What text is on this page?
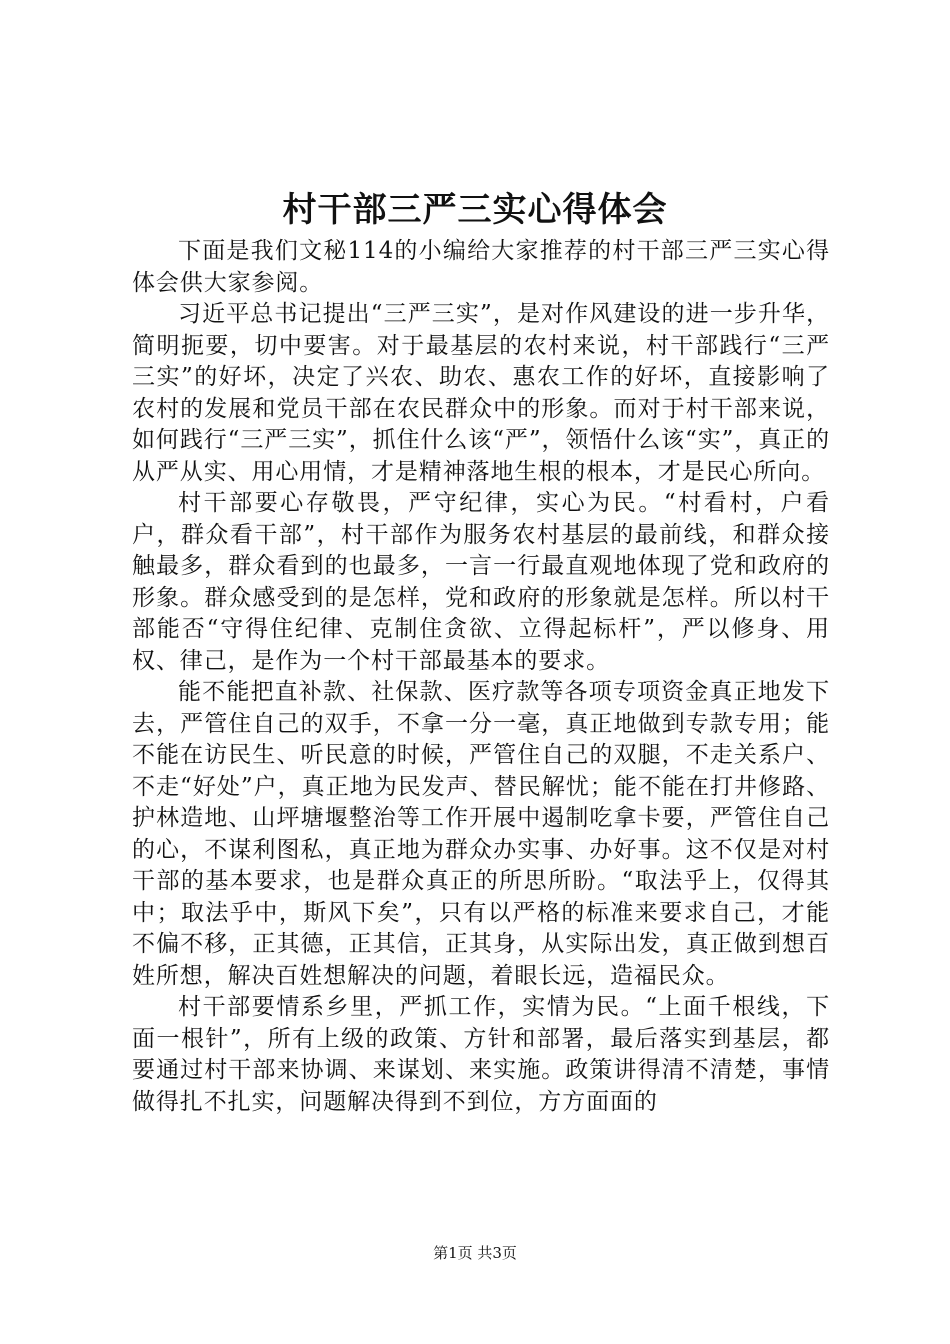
村干部三严三实心得体会

下面是我们文秘114的小编给大家推荐的村干部三严三实心得体会供大家参阅。

习近平总书记提出“三严三实”，是对作风建设的进一步升华，简明扼要，切中要害。对于最基层的农村来说，村干部践行“三严三实”的好坏，决定了兴农、助农、惠农工作的好坏，直接影响了农村的发展和党员干部在农民群众中的形象。而对于村干部来说，如何践行“三严三实”，抓住什么该“严”，领悟什么该“实”，真正的从严从实、用心用情，才是精神落地生根的根本，才是民心所向。

村干部要心存敬畏，严守纪律，实心为民。“村看村，户看户，群众看干部”，村干部作为服务农村基层的最前线，和群众接触最多，群众看到的也最多，一言一行最直观地体现了党和政府的形象。群众感受到的是怎样，党和政府的形象就是怎样。所以村干部能否“守得住纪律、克制住贪欲、立得起标杆”，严以修身、用权、律己，是作为一个村干部最基本的要求。

能不能把直补款、社保款、医疗款等各项专项资金真正地发下去，严管住自己的双手，不拿一分一毫，真正地做到专款专用；能不能在访民生、听民意的时候，严管住自己的双腿，不走关系户、不走“好处”户，真正地为民发声、替民解忧；能不能在打井修路、护林造地、山坪塘堰整治等工作开展中遏制吃拿卡要，严管住自己的心，不谋利图私，真正地为群众办实事、办好事。这不仅是对村干部的基本要求，也是群众真正的所思所盼。“取法乎上，仅得其中；取法乎中，斯风下矣”，只有以严格的标准来要求自己，才能不偏不移，正其德，正其信，正其身，从实际出发，真正做到想百姓所想，解决百姓想解决的问题，着眼长远，造福民众。

村干部要情系乡里，严抓工作，实情为民。“上面千根线，下面一根针”，所有上级的政策、方针和部署，最后落实到基层，都要通过村干部来协调、来谋划、来实施。政策讲得清不清楚，事情做得扎不扎实，问题解决得到不到位，方方面面的

第1页 共3页
